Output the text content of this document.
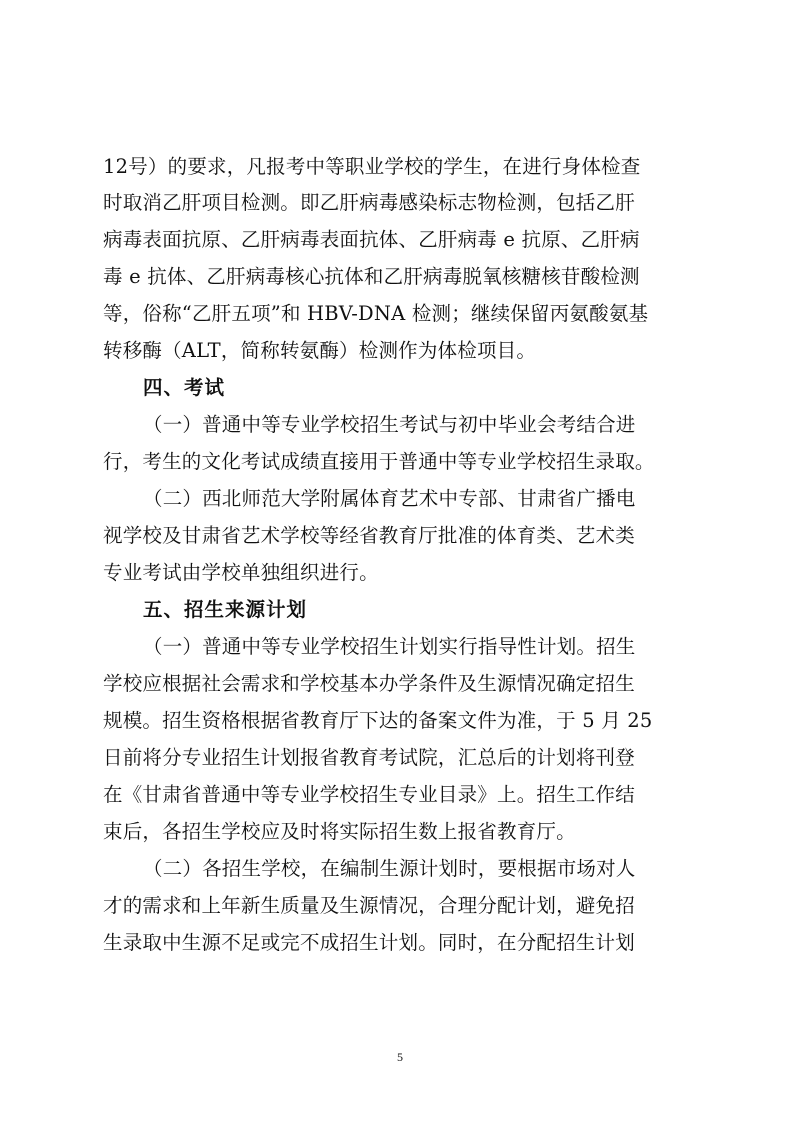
12号）的要求，凡报考中等职业学校的学生，在进行身体检查
时取消乙肝项目检测。即乙肝病毒感染标志物检测，包括乙肝
病毒表面抗原、乙肝病毒表面抗体、乙肝病毒 e 抗原、乙肝病
毒 e 抗体、乙肝病毒核心抗体和乙肝病毒脱氧核糖核苷酸检测
等，俗称“乙肝五项”和 HBV-DNA 检测；继续保留丙氨酸氨基
转移酶（ALT，简称转氨酶）检测作为体检项目。
四、考试
（一）普通中等专业学校招生考试与初中毕业会考结合进
行，考生的文化考试成绩直接用于普通中等专业学校招生录取。
（二）西北师范大学附属体育艺术中专部、甘肃省广播电
视学校及甘肃省艺术学校等经省教育厅批准的体育类、艺术类
专业考试由学校单独组织进行。
五、招生来源计划
（一）普通中等专业学校招生计划实行指导性计划。招生
学校应根据社会需求和学校基本办学条件及生源情况确定招生
规模。招生资格根据省教育厅下达的备案文件为准，于 5 月 25
日前将分专业招生计划报省教育考试院，汇总后的计划将刊登
在《甘肃省普通中等专业学校招生专业目录》上。招生工作结
束后，各招生学校应及时将实际招生数上报省教育厅。
（二）各招生学校，在编制生源计划时，要根据市场对人
才的需求和上年新生质量及生源情况，合理分配计划，避免招
生录取中生源不足或完不成招生计划。同时，在分配招生计划
5
